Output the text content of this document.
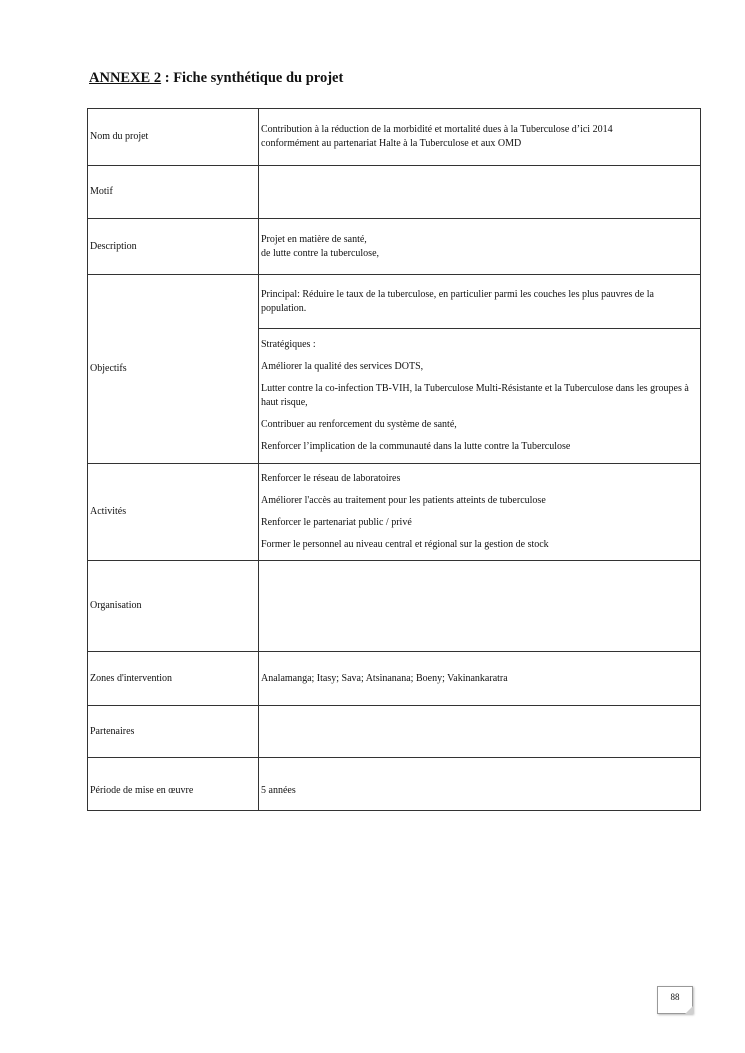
ANNEXE 2 : Fiche synthétique du projet
Nom du projet	Contribution à la réduction de la morbidité et mortalité dues à la Tuberculose d’ici 2014
conformément au partenariat Halte à la Tuberculose et aux OMD

Motif	
Description	Projet en matière de santé,
de lutte contre la tuberculose,

Objectifs	Principal: Réduire le taux de la tuberculose, en particulier parmi les couches les plus pauvres de la population.

	Stratégiques :
Améliorer la qualité des services DOTS,
Lutter contre la co-infection TB-VIH, la Tuberculose Multi-Résistante et la Tuberculose dans les groupes à haut risque,
Contribuer au renforcement du système de santé,
Renforcer l’implication de la communauté dans la lutte contre la Tuberculose

Activités	Renforcer le réseau de laboratoires
Améliorer l'accès au traitement pour les patients atteints de tuberculose
Renforcer le partenariat public / privé
Former le personnel au niveau central et régional sur la gestion de stock

Organisation	
Zones d'intervention	Analamanga; Itasy; Sava; Atsinanana; Boeny; Vakinankaratra
Partenaires	
Période de mise en œuvre	5 années
88
